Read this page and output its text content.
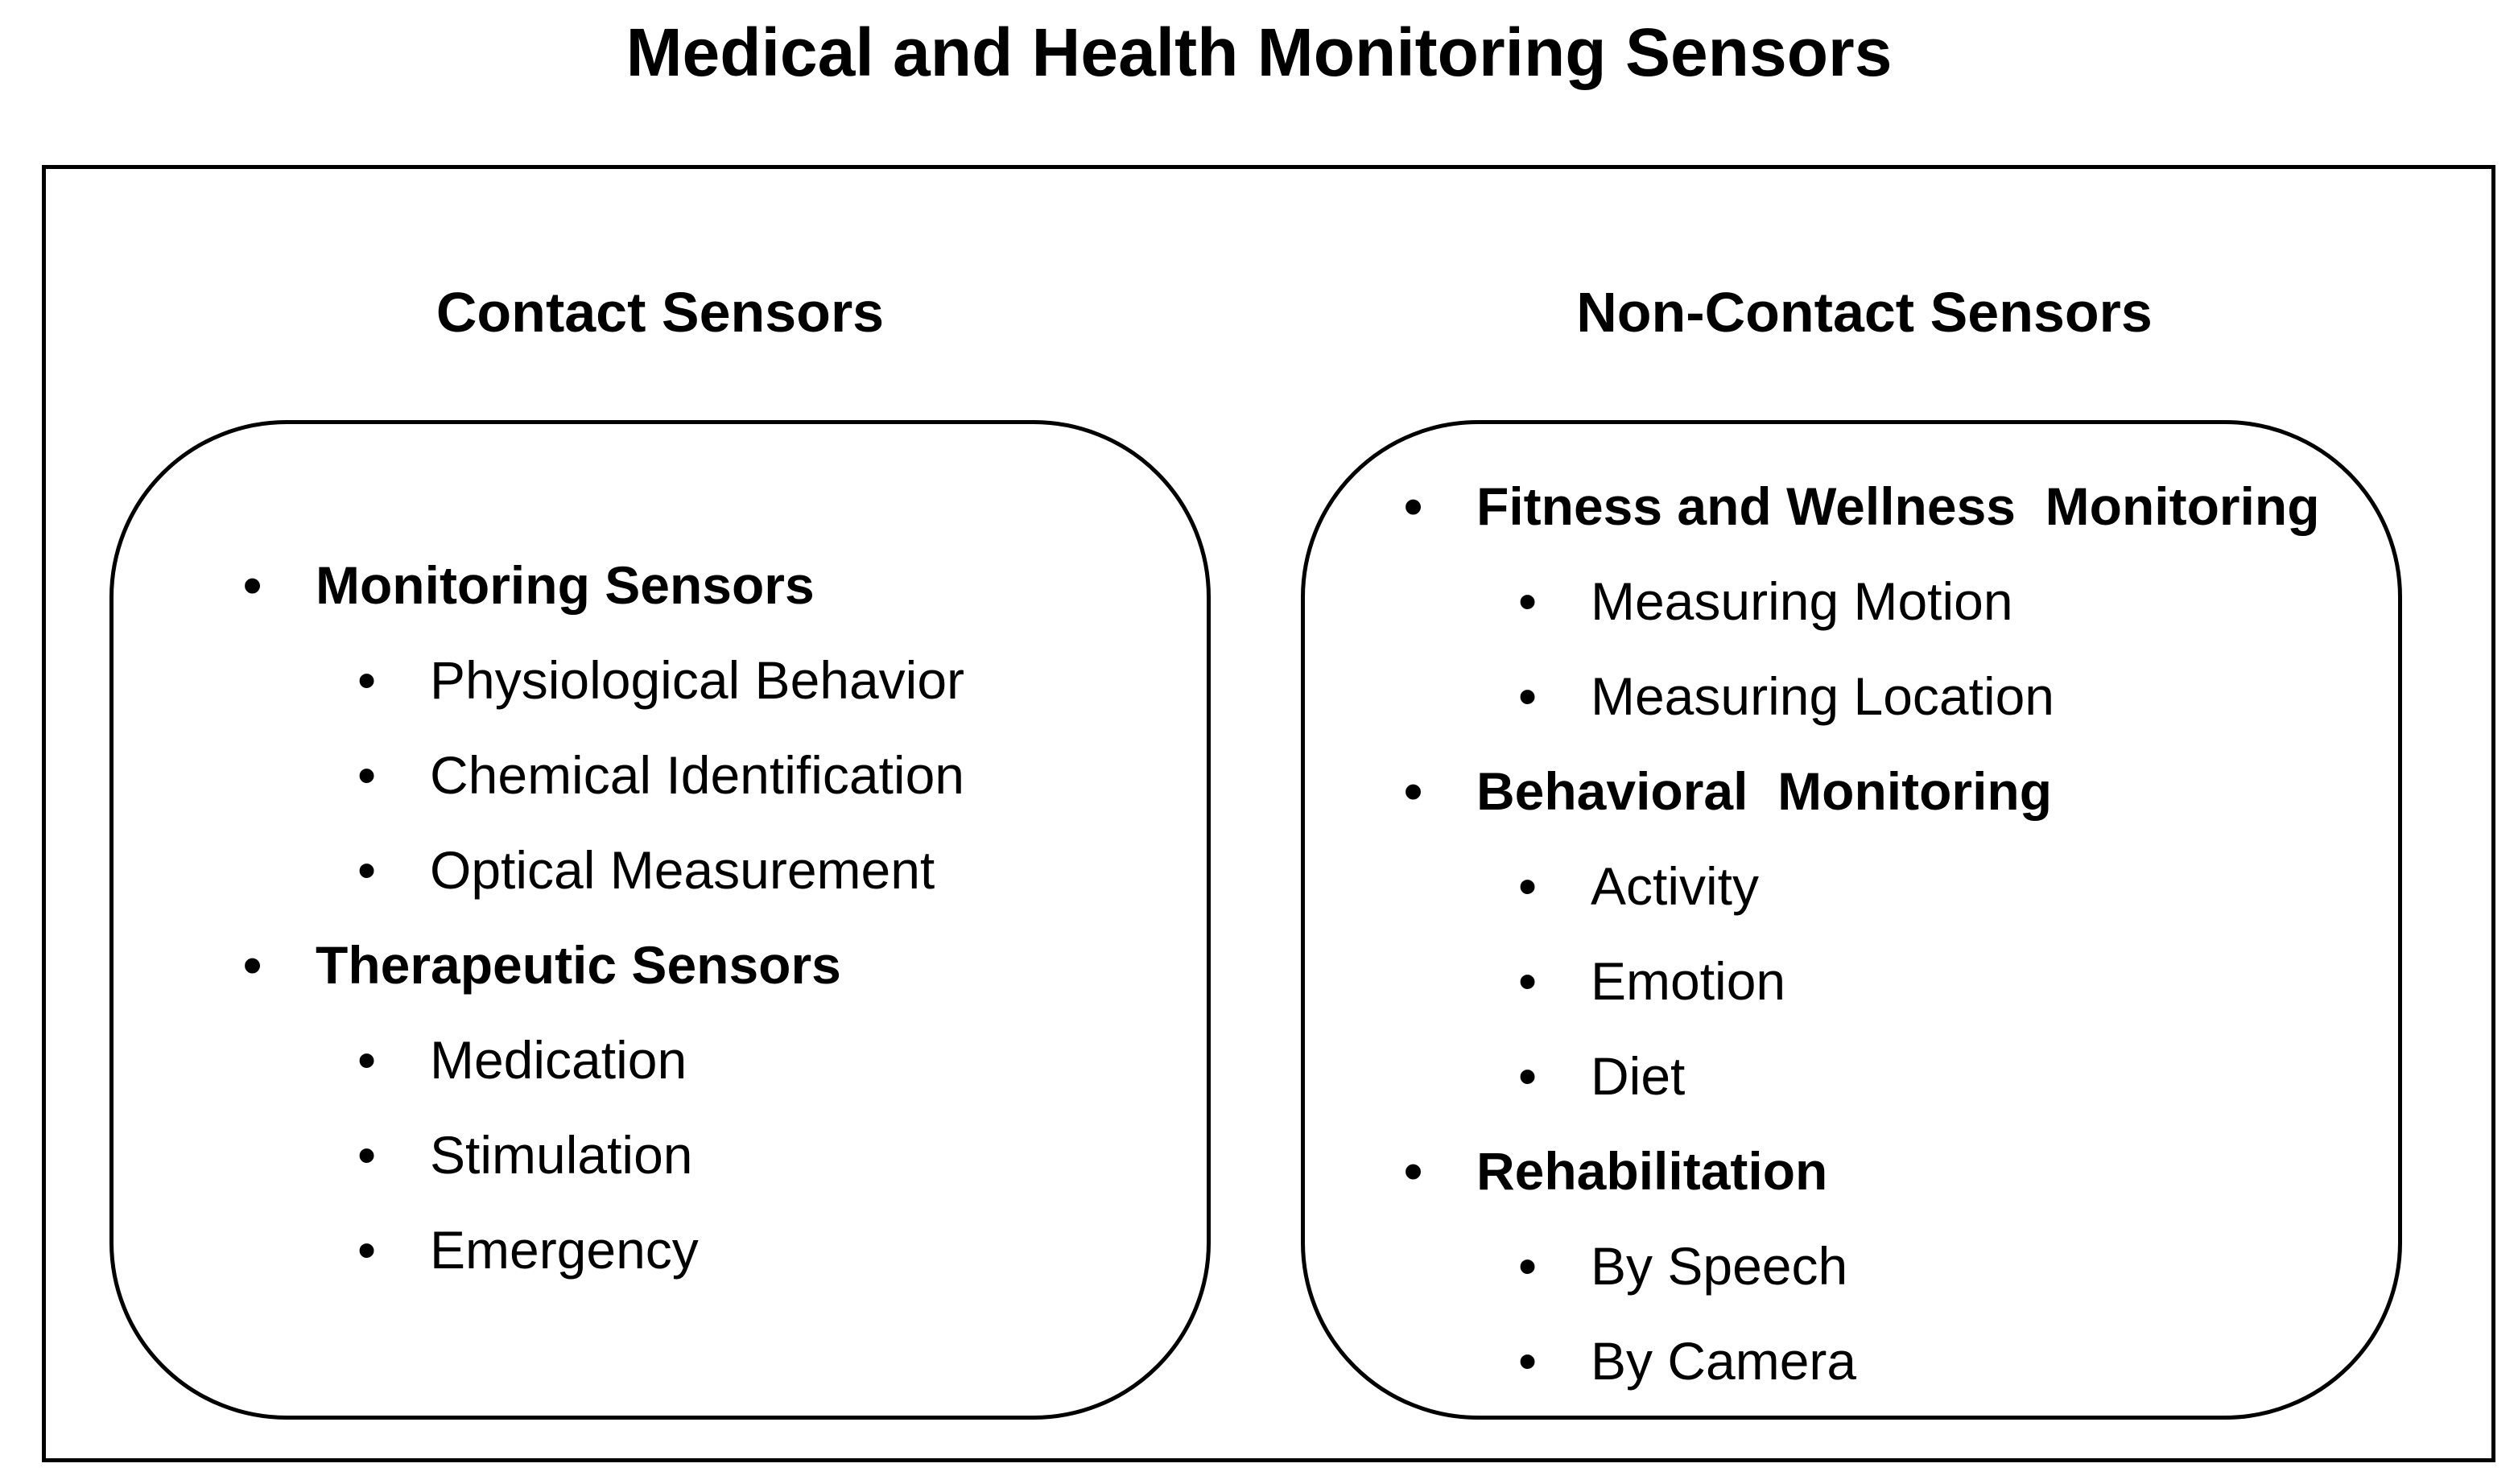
Medical and Health Monitoring Sensors
Contact Sensors	Non-Contact Sensors
• Monitoring Sensors
• Physiological Behavior
• Chemical Identification
• Optical Measurement
• Therapeutic Sensors
• Medication
• Stimulation
• Emergency
• Fitness and Wellness  Monitoring
• Measuring Motion
• Measuring Location
• Behavioral  Monitoring
• Activity
• Emotion
• Diet
• Rehabilitation
• By Speech
• By Camera
